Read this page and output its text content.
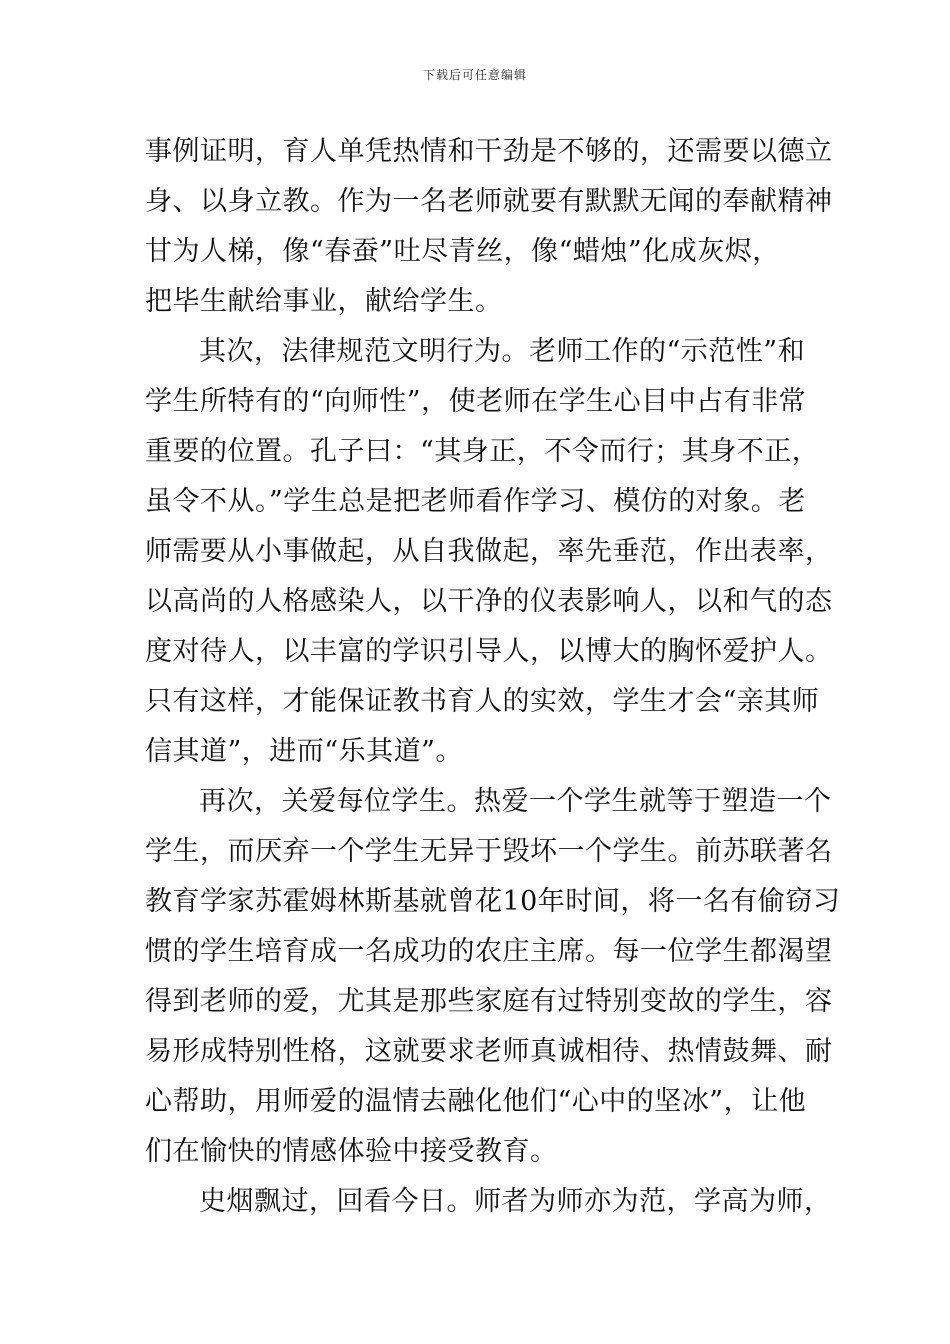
下载后可任意编辑
事例证明，育人单凭热情和干劲是不够的，还需要以德立
身、以身立教。作为一名老师就要有默默无闻的奉献精神
甘为人梯，像“春蚕”吐尽青丝，像“蜡烛”化成灰烬，
把毕生献给事业，献给学生。
其次，法律规范文明行为。老师工作的“示范性”和
学生所特有的“向师性”，使老师在学生心目中占有非常
重要的位置。孔子曰：“其身正，不令而行；其身不正，
虽令不从。”学生总是把老师看作学习、模仿的对象。老
师需要从小事做起，从自我做起，率先垂范，作出表率，
以高尚的人格感染人，以干净的仪表影响人，以和气的态
度对待人，以丰富的学识引导人，以博大的胸怀爱护人。
只有这样，才能保证教书育人的实效，学生才会“亲其师
信其道”，进而“乐其道”。
再次，关爱每位学生。热爱一个学生就等于塑造一个
学生，而厌弃一个学生无异于毁坏一个学生。前苏联著名
教育学家苏霍姆林斯基就曾花10年时间，将一名有偷窃习
惯的学生培育成一名成功的农庄主席。每一位学生都渴望
得到老师的爱，尤其是那些家庭有过特别变故的学生，容
易形成特别性格，这就要求老师真诚相待、热情鼓舞、耐
心帮助，用师爱的温情去融化他们“心中的坚冰”，让他
们在愉快的情感体验中接受教育。
史烟飘过，回看今日。师者为师亦为范，学高为师，
